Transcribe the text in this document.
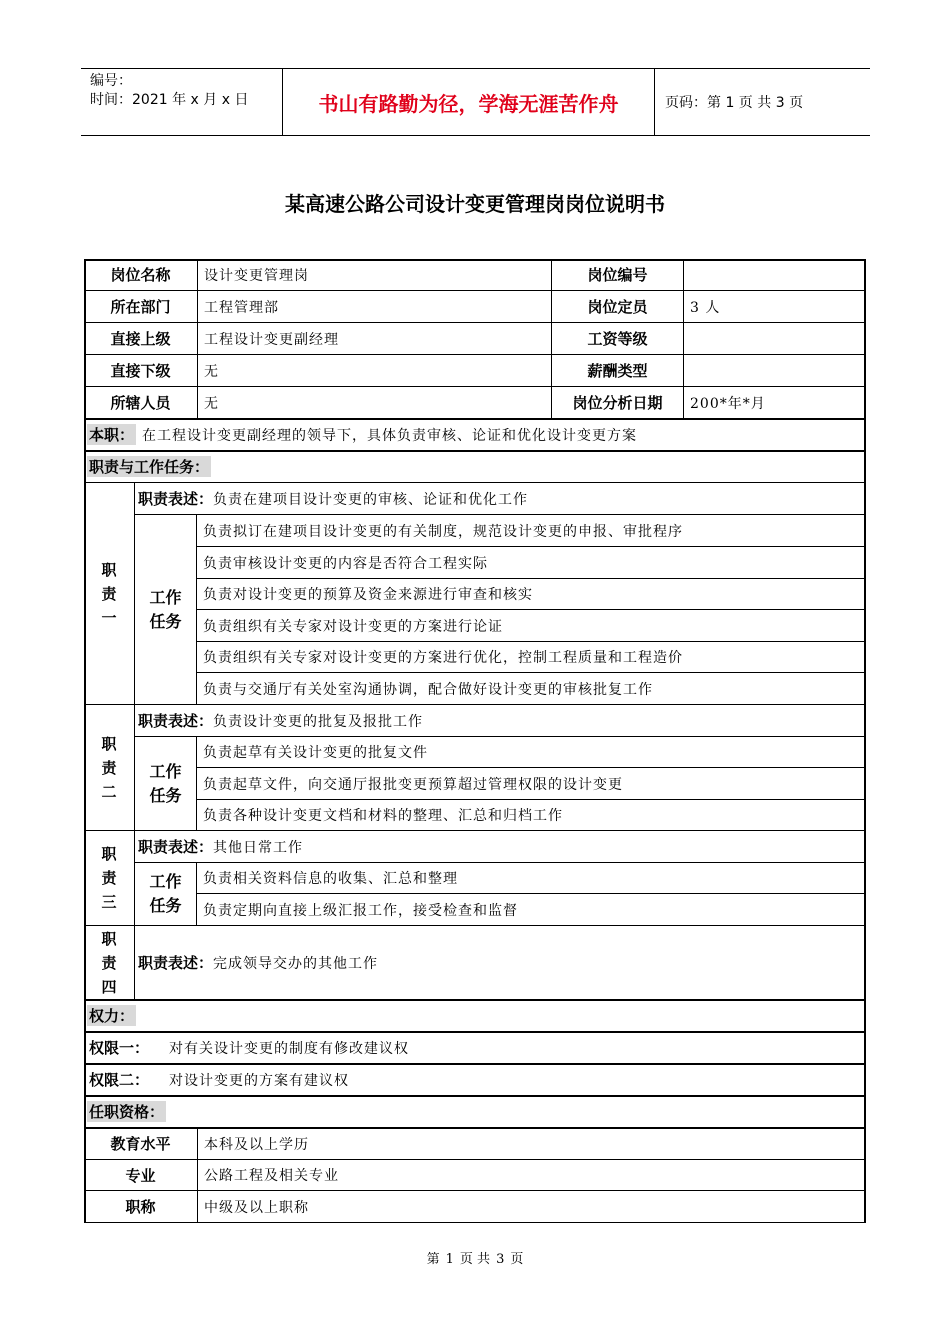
编号：
时间：2021 年 x 月 x 日	书山有路勤为径，学海无涯苦作舟	页码：第 1 页 共 3 页
某高速公路公司设计变更管理岗岗位说明书
岗位名称	设计变更管理岗	岗位编号
所在部门	工程管理部	岗位定员	3 人
直接上级	工程设计变更副经理	工资等级
直接下级	无	薪酬类型
所辖人员	无	岗位分析日期	200*年*月
本职： 在工程设计变更副经理的领导下，具体负责审核、论证和优化设计变更方案
职责与工作任务：
职
责
一
职责表述： 负责在建项目设计变更的审核、论证和优化工作
工作
任务
负责拟订在建项目设计变更的有关制度，规范设计变更的申报、审批程序
负责审核设计变更的内容是否符合工程实际
负责对设计变更的预算及资金来源进行审查和核实
负责组织有关专家对设计变更的方案进行论证
负责组织有关专家对设计变更的方案进行优化，控制工程质量和工程造价
负责与交通厅有关处室沟通协调，配合做好设计变更的审核批复工作
职
责
二
职责表述： 负责设计变更的批复及报批工作
工作
任务
负责起草有关设计变更的批复文件
负责起草文件，向交通厅报批变更预算超过管理权限的设计变更
负责各种设计变更文档和材料的整理、汇总和归档工作
职
责
三
职责表述： 其他日常工作
工作
任务
负责相关资料信息的收集、汇总和整理
负责定期向直接上级汇报工作，接受检查和监督
职
责
四
职责表述： 完成领导交办的其他工作
权力：
权限一： 对有关设计变更的制度有修改建议权
权限二： 对设计变更的方案有建议权
任职资格：
教育水平	本科及以上学历
专业	公路工程及相关专业
职称	中级及以上职称
第 1 页 共 3 页
